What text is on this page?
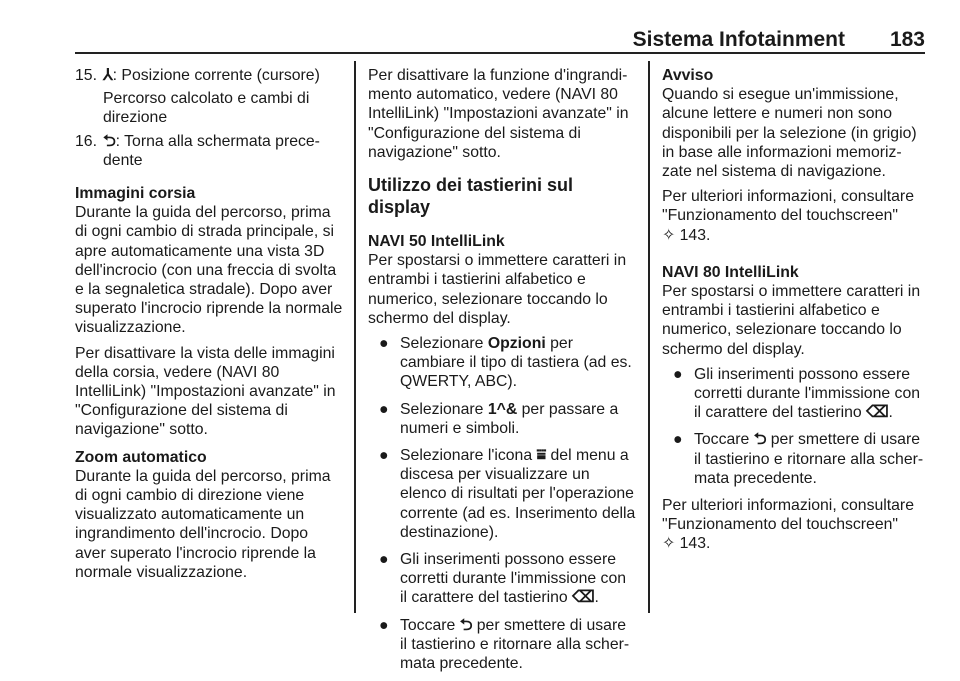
Sistema Infotainment 183
15. ⅄: Posizione corrente (cursore)
Percorso calcolato e cambi di direzione
16. ⮌: Torna alla schermata prece- dente
Immagini corsia

Durante la guida del percorso, prima di ogni cambio di strada principale, si apre automaticamente una vista 3D dell'incrocio (con una freccia di svolta e la segnaletica stradale). Dopo aver superato l'incrocio riprende la normale visualizzazione.

Per disattivare la vista delle immagini della corsia, vedere (NAVI 80 IntelliLink) "Impostazioni avanzate" in "Configurazione del sistema di navigazione" sotto.

Zoom automatico

Durante la guida del percorso, prima di ogni cambio di direzione viene visualizzato automaticamente un ingrandimento dell'incrocio. Dopo aver superato l'incrocio riprende la normale visualizzazione.

Per disattivare la funzione d'ingrandi- mento automatico, vedere (NAVI 80 IntelliLink) "Impostazioni avanzate" in "Configurazione del sistema di navigazione" sotto.

Utilizzo dei tastierini sul display
NAVI 50 IntelliLink

Per spostarsi o immettere caratteri in entrambi i tastierini alfabetico e numerico, selezionare toccando lo schermo del display.

● Selezionare Opzioni per cambiare il tipo di tastiera (ad es. QWERTY, ABC).
● Selezionare 1^& per passare a numeri e simboli.
● Selezionare l'icona ⩸ del menu a discesa per visualizzare un elenco di risultati per l'operazione corrente (ad es. Inserimento della destinazione).
● Gli inserimenti possono essere corretti durante l'immissione con il carattere del tastierino ⌫.
● Toccare ⮌ per smettere di usare il tastierino e ritornare alla scher- mata precedente.
Avviso

Quando si esegue un'immissione, alcune lettere e numeri non sono disponibili per la selezione (in grigio) in base alle informazioni memoriz- zate nel sistema di navigazione.

Per ulteriori informazioni, consultare "Funzionamento del touchscreen"
✧ 143.
NAVI 80 IntelliLink

Per spostarsi o immettere caratteri in entrambi i tastierini alfabetico e numerico, selezionare toccando lo schermo del display.

● Gli inserimenti possono essere corretti durante l'immissione con il carattere del tastierino ⌫.
● Toccare ⮌ per smettere di usare il tastierino e ritornare alla scher- mata precedente.
Per ulteriori informazioni, consultare "Funzionamento del touchscreen"
✧ 143.
